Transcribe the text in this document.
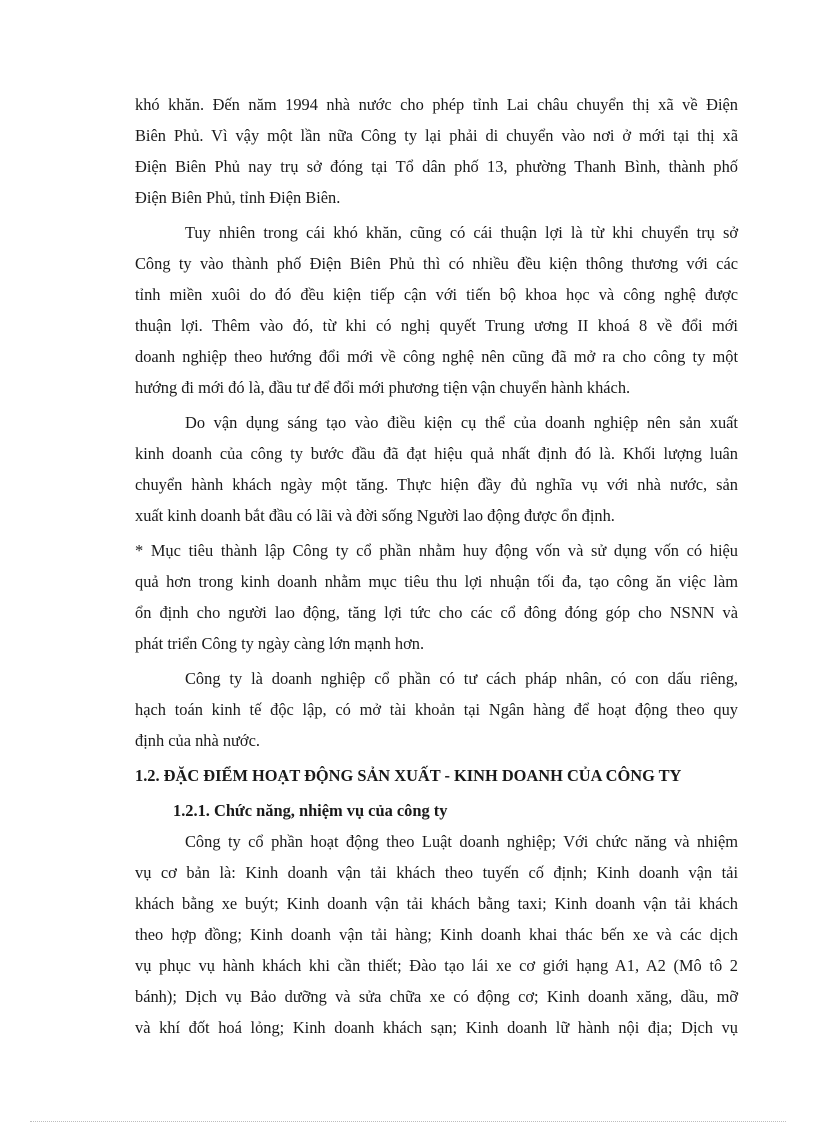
khó khăn. Đến năm 1994 nhà nước cho phép tỉnh Lai châu chuyển thị xã về Điện
Biên Phủ. Vì vậy một lần nữa Công ty lại phải di chuyển vào nơi ở mới tại thị xã
Điện Biên Phủ nay trụ sở đóng tại Tổ dân phố 13, phường Thanh Bình, thành phố
Điện Biên Phủ, tỉnh Điện Biên.

Tuy nhiên trong cái khó khăn, cũng có cái thuận lợi là từ khi chuyển trụ sở
Công ty vào thành phố Điện Biên Phủ thì có nhiều đều kiện thông thương với các
tỉnh miền xuôi do đó đều kiện tiếp cận với tiến bộ khoa học và công nghệ được
thuận lợi. Thêm vào đó, từ khi có nghị quyết Trung ương II khoá 8 về đổi mới
doanh nghiệp theo hướng đổi mới về công nghệ nên cũng đã mở ra cho công ty một
hướng đi mới đó là, đầu tư để đổi mới phương tiện vận chuyển hành khách.

Do vận dụng sáng tạo vào điều kiện cụ thể của doanh nghiệp nên sản xuất
kinh doanh của công ty bước đầu đã đạt hiệu quả nhất định đó là. Khối lượng luân
chuyển hành khách ngày một tăng. Thực hiện đầy đủ nghĩa vụ với nhà nước, sản
xuất kinh doanh bắt đầu có lãi và đời sống Người lao động được ổn định.

* Mục tiêu thành lập Công ty cổ phần nhằm huy động vốn và sử dụng vốn có hiệu
quả hơn trong kinh doanh nhằm mục tiêu thu lợi nhuận tối đa, tạo công ăn việc làm
ổn định cho người lao động, tăng lợi tức cho các cổ đông đóng góp cho NSNN và
phát triển Công ty ngày càng lớn mạnh hơn.

Công ty là doanh nghiệp cổ phần có tư cách pháp nhân, có con dấu riêng,
hạch toán kinh tế độc lập, có mở tài khoản tại Ngân hàng để hoạt động theo quy
định của nhà nước.

1.2. ĐẶC ĐIỂM HOẠT ĐỘNG SẢN XUẤT - KINH DOANH CỦA CÔNG TY

1.2.1. Chức năng, nhiệm vụ của công ty

Công ty cổ phần hoạt động theo Luật doanh nghiệp; Với chức năng và nhiệm
vụ cơ bản là: Kinh doanh vận tải khách theo tuyến cố định; Kinh doanh vận tải
khách bằng xe buýt; Kinh doanh vận tải khách bằng taxi; Kinh doanh vận tải khách
theo hợp đồng; Kinh doanh vận tải hàng; Kinh doanh khai thác bến xe và các dịch
vụ phục vụ hành khách khi cần thiết; Đào tạo lái xe cơ giới hạng A1, A2 (Mô tô 2
bánh); Dịch vụ Bảo dưỡng và sửa chữa xe có động cơ; Kinh doanh xăng, dầu, mỡ
và khí đốt hoá lỏng; Kinh doanh khách sạn; Kinh doanh lữ hành nội địa; Dịch vụ
